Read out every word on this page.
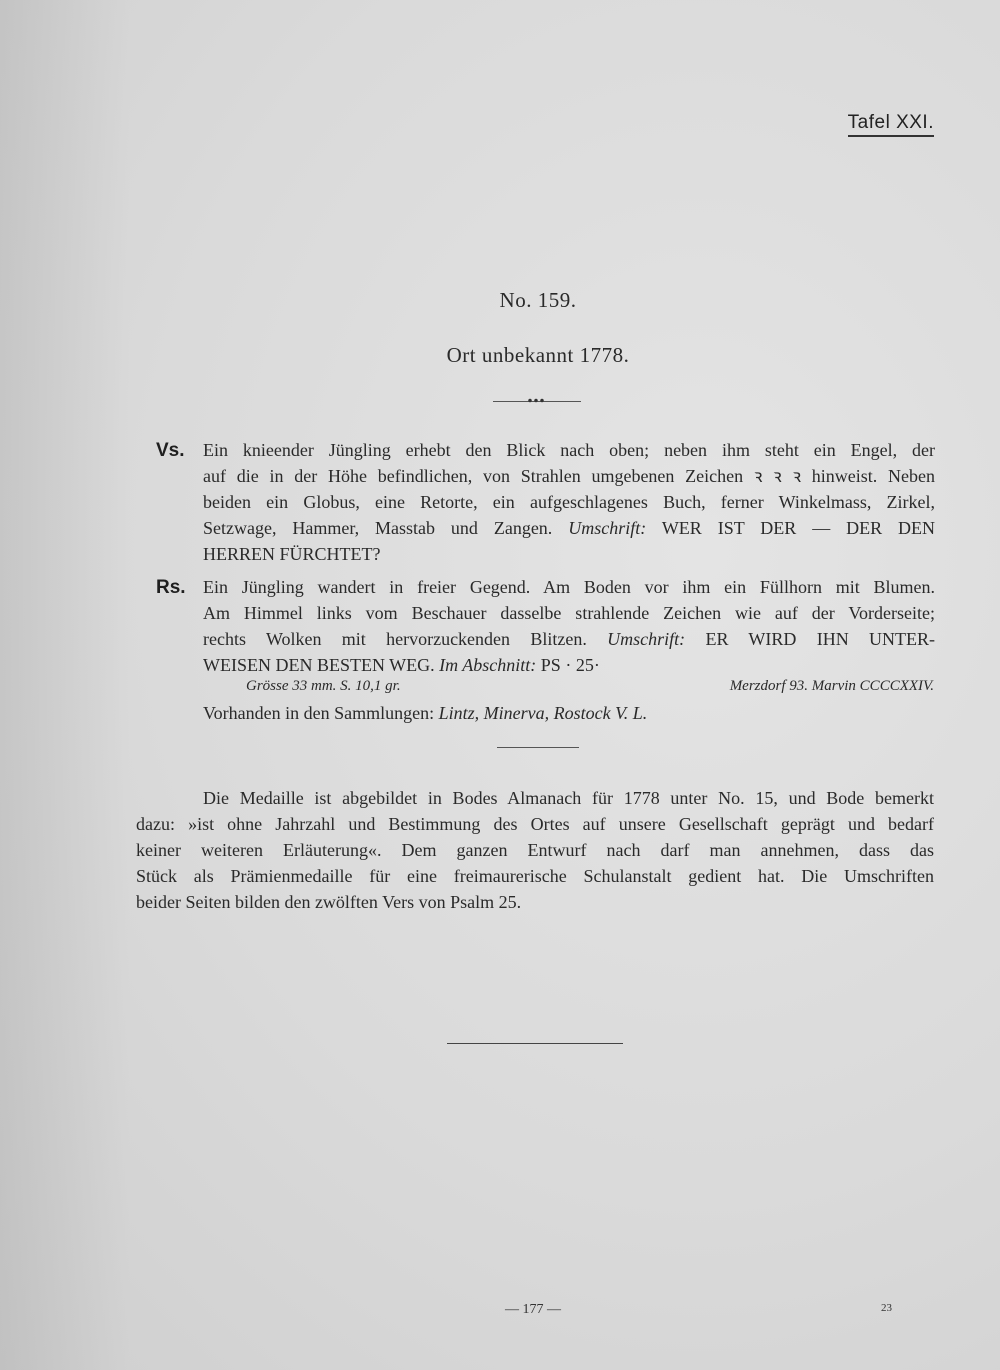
Tafel XXI.
No. 159.
Ort unbekannt 1778.
Vs. Ein knieender Jüngling erhebt den Blick nach oben; neben ihm steht ein Engel, der
auf die in der Höhe befindlichen, von Strahlen umgebenen Zeichen ꝛ ꝛ ꝛ hinweist. Neben
beiden ein Globus, eine Retorte, ein aufgeschlagenes Buch, ferner Winkelmass, Zirkel,
Setzwage, Hammer, Masstab und Zangen. Umschrift: WER IST DER — DER DEN
HERREN FÜRCHTET?
Rs. Ein Jüngling wandert in freier Gegend. Am Boden vor ihm ein Füllhorn mit Blumen.
Am Himmel links vom Beschauer dasselbe strahlende Zeichen wie auf der Vorderseite;
rechts Wolken mit hervorzuckenden Blitzen. Umschrift: ER WIRD IHN UNTER-
WEISEN DEN BESTEN WEG. Im Abschnitt: PS · 25·
Grösse 33 mm. S. 10,1 gr.	Merzdorf 93. Marvin CCCCXXIV.
Vorhanden in den Sammlungen: Lintz, Minerva, Rostock V. L.
Die Medaille ist abgebildet in Bodes Almanach für 1778 unter No. 15, und Bode bemerkt
dazu: »ist ohne Jahrzahl und Bestimmung des Ortes auf unsere Gesellschaft geprägt und bedarf
keiner weiteren Erläuterung«. Dem ganzen Entwurf nach darf man annehmen, dass das
Stück als Prämienmedaille für eine freimaurerische Schulanstalt gedient hat. Die Umschriften
beider Seiten bilden den zwölften Vers von Psalm 25.
— 177 —	23
